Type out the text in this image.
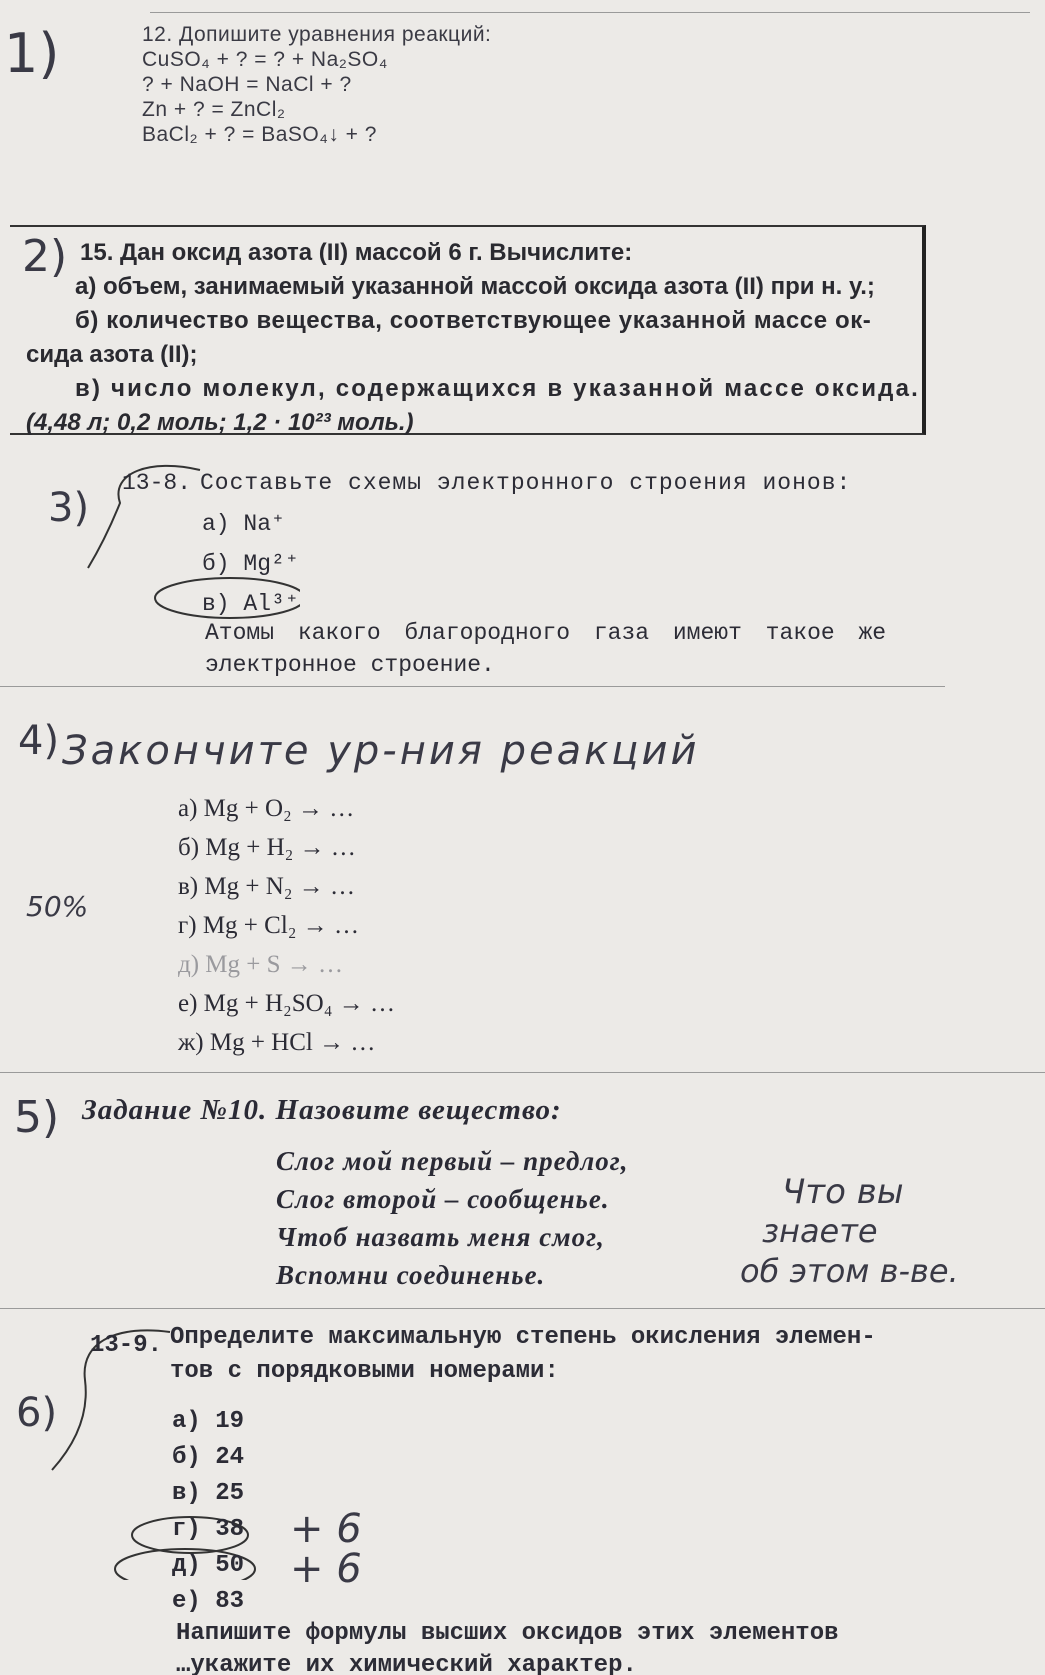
1)	12. Допишите уравнения реакций:
CuSO₄ + ? = ? + Na₂SO₄
? + NaOH = NaCl + ?
Zn + ? = ZnCl₂
BaCl₂ + ? = BaSO₄↓ + ?
2) 15. Дан оксид азота (II) массой 6 г. Вычислите:
а) объем, занимаемый указанной массой оксида азота (II) при н. у.;
б) количество вещества, соответствующее указанной массе ок-
сида азота (II);
в) число молекул, содержащихся в указанной массе оксида.
(4,48 л; 0,2 моль; 1,2 · 10²³ моль.)
3)
13-8. Составьте схемы электронного строения ионов:
а) Na⁺
б) Mg²⁺
в) Al³⁺
Атомы какого благородного газа имеют такое же
электронное строение.
4) Закончите ур-ния реакций
50%
а) Mg + O₂ → …
б) Mg + H₂ → …
в) Mg + N₂ → …
г) Mg + Cl₂ → …
д) Mg + S → …
е) Mg + H₂SO₄ → …
ж) Mg + HCl → …
5) Задание №10. Назовите вещество:
Слог мой первый – предлог,
Слог второй – сообщенье.
Чтоб назвать меня смог,
Вспомни соединенье.
Что вы
знаете
об этом в-ве.
6)
13-9. Определите максимальную степень окисления элемен-
тов с порядковыми номерами:
а) 19
б) 24
в) 25
г) 38
д) 50
е) 83
+ 6
+ 6
Напишите формулы высших оксидов этих элементов
…укажите их химический характер.
